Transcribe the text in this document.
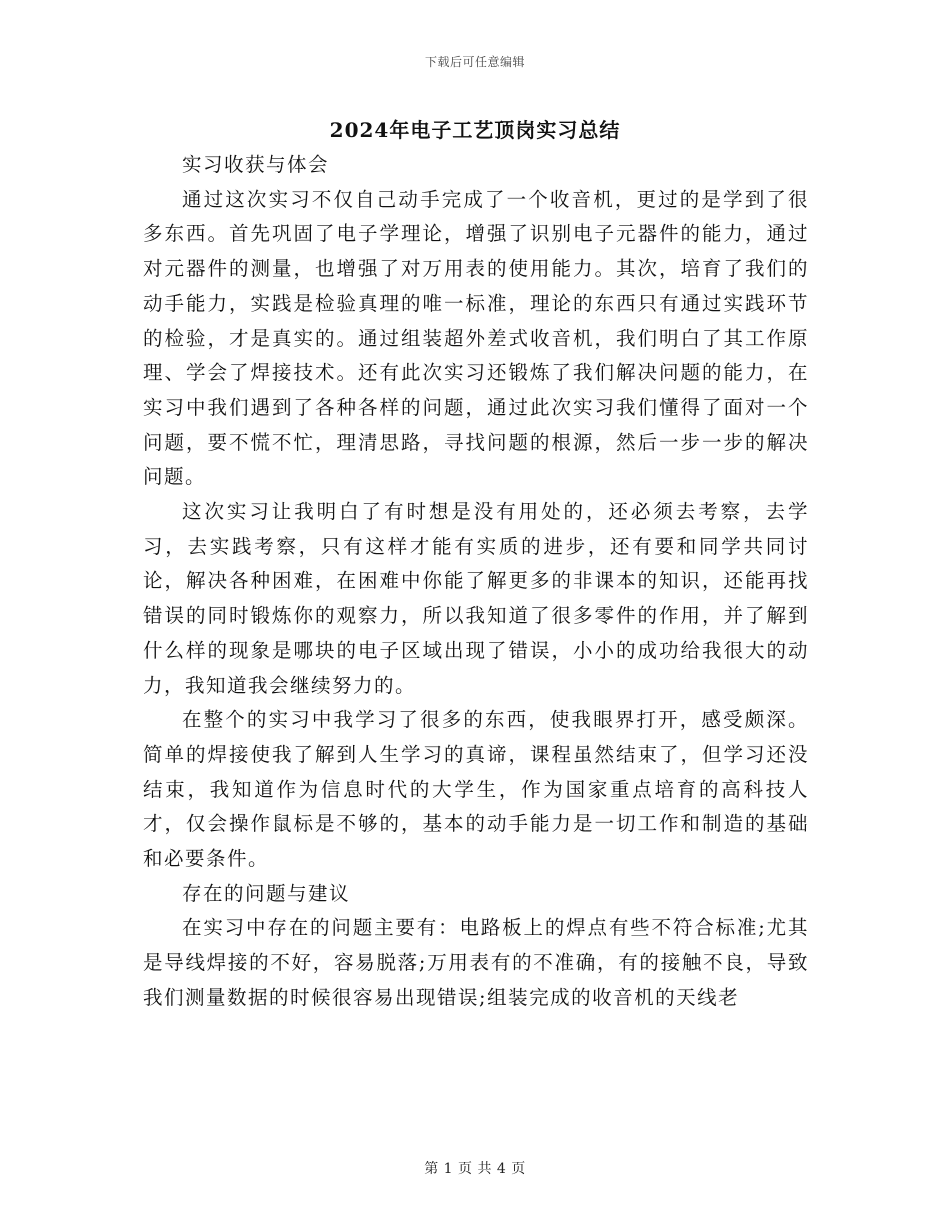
下载后可任意编辑
2024年电子工艺顶岗实习总结

实习收获与体会

通过这次实习不仅自己动手完成了一个收音机，更过的是学到了很多东西。首先巩固了电子学理论，增强了识别电子元器件的能力，通过对元器件的测量，也增强了对万用表的使用能力。其次，培育了我们的动手能力，实践是检验真理的唯一标准，理论的东西只有通过实践环节的检验，才是真实的。通过组装超外差式收音机，我们明白了其工作原理、学会了焊接技术。还有此次实习还锻炼了我们解决问题的能力，在实习中我们遇到了各种各样的问题，通过此次实习我们懂得了面对一个问题，要不慌不忙，理清思路，寻找问题的根源，然后一步一步的解决问题。

这次实习让我明白了有时想是没有用处的，还必须去考察，去学习，去实践考察，只有这样才能有实质的进步，还有要和同学共同讨论，解决各种困难，在困难中你能了解更多的非课本的知识，还能再找错误的同时锻炼你的观察力，所以我知道了很多零件的作用，并了解到什么样的现象是哪块的电子区域出现了错误，小小的成功给我很大的动力，我知道我会继续努力的。

在整个的实习中我学习了很多的东西，使我眼界打开，感受颇深。简单的焊接使我了解到人生学习的真谛，课程虽然结束了，但学习还没结束，我知道作为信息时代的大学生，作为国家重点培育的高科技人才，仅会操作鼠标是不够的，基本的动手能力是一切工作和制造的基础和必要条件。

存在的问题与建议

在实习中存在的问题主要有：电路板上的焊点有些不符合标准;尤其是导线焊接的不好，容易脱落;万用表有的不准确，有的接触不良，导致我们测量数据的时候很容易出现错误;组装完成的收音机的天线老

第 1 页 共 4 页
